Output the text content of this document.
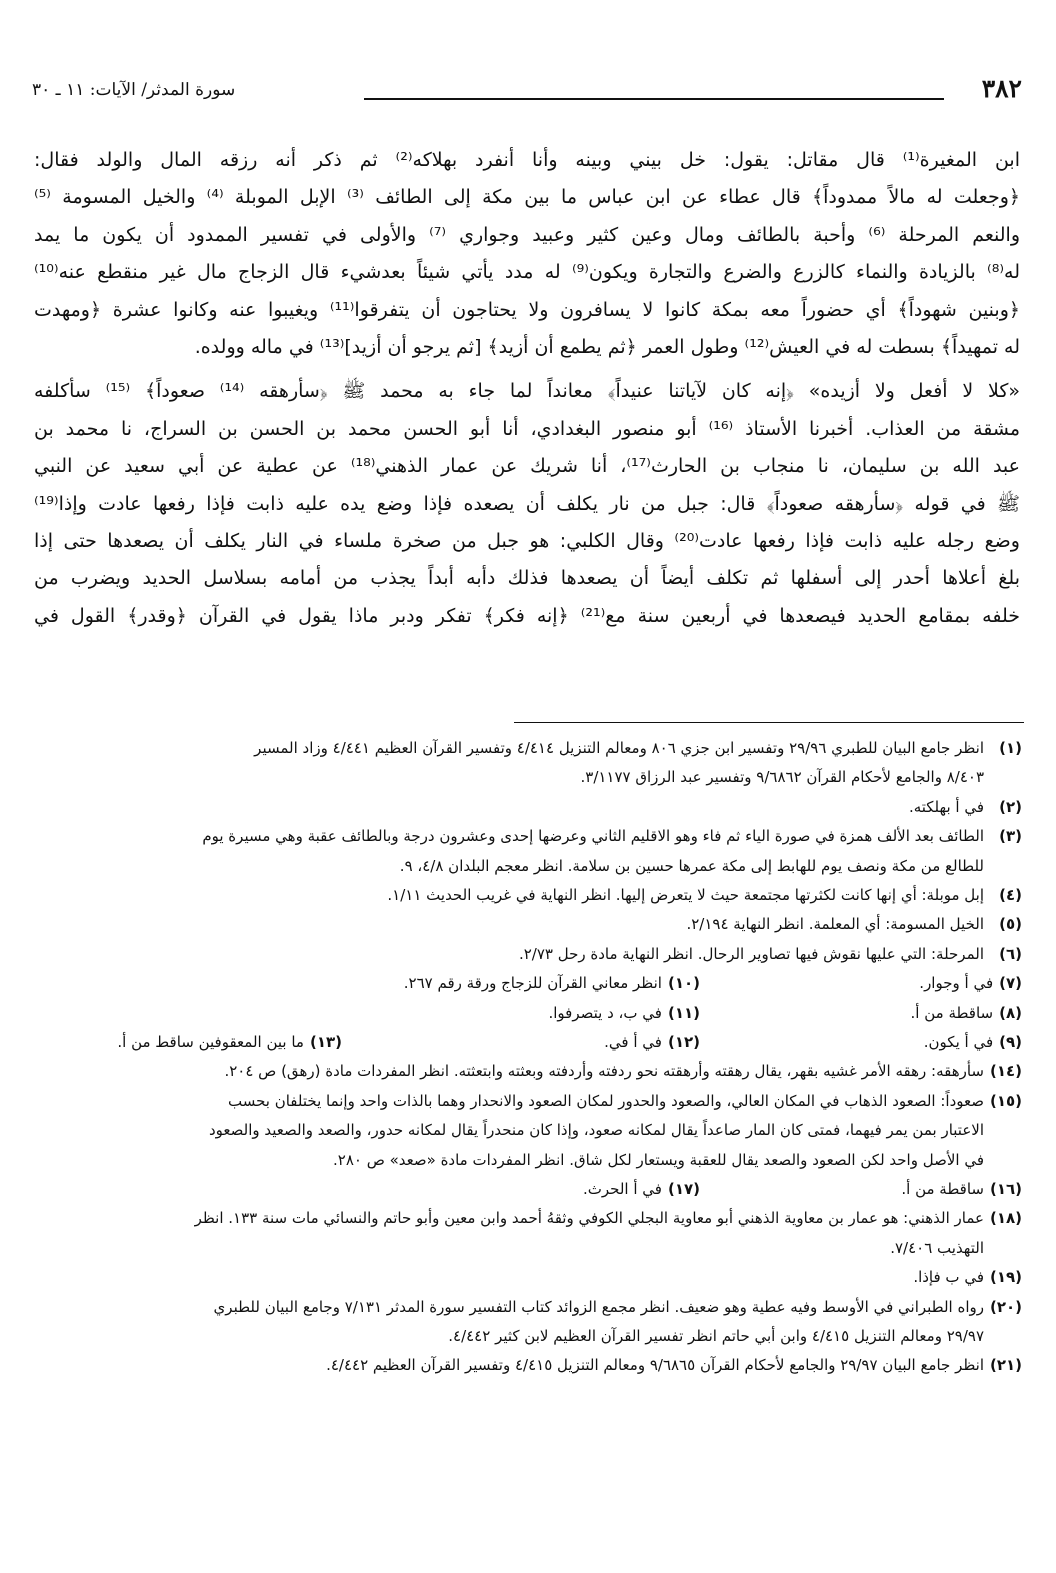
٣٨٢
سورة المدثر/ الآيات: ١١ ـ ٣٠
ابن المغيرة⁽¹⁾ قال مقاتل: يقول: خل بيني وبينه وأنا أنفرد بهلاكه⁽²⁾ ثم ذكر أنه رزقه المال والولد فقال:
﴿وجعلت له مالاً ممدوداً﴾ قال عطاء عن ابن عباس ما بين مكة إلى الطائف ⁽³⁾ الإبل الموبلة ⁽⁴⁾ والخيل المسومة ⁽⁵⁾
والنعم المرحلة ⁽⁶⁾ وأحبة بالطائف ومال وعين كثير وعبيد وجواري ⁽⁷⁾ والأولى في تفسير الممدود أن يكون ما يمد
له⁽⁸⁾ بالزيادة والنماء كالزرع والضرع والتجارة ويكون⁽⁹⁾ له مدد يأتي شيئاً بعدشيء قال الزجاج مال غير منقطع عنه⁽¹⁰⁾
﴿وبنين شهوداً﴾ أي حضوراً معه بمكة كانوا لا يسافرون ولا يحتاجون أن يتفرقوا⁽¹¹⁾ ويغيبوا عنه وكانوا عشرة ﴿ومهدت
له تمهيداً﴾ بسطت له في العيش⁽¹²⁾ وطول العمر ﴿ثم يطمع أن أزيد﴾ [ثم يرجو أن أزيد]⁽¹³⁾ في ماله وولده.
«كلا لا أفعل ولا أزيده» ﴿إنه كان لآياتنا عنيداً﴾ معانداً لما جاء به محمد ﷺ ﴿سأرهقه ⁽¹⁴⁾ صعوداً﴾ ⁽¹⁵⁾ سأكلفه
مشقة من العذاب. أخبرنا الأستاذ ⁽¹⁶⁾ أبو منصور البغدادي، أنا أبو الحسن محمد بن الحسن بن السراج، نا محمد بن
عبد الله بن سليمان، نا منجاب بن الحارث⁽¹⁷⁾، أنا شريك عن عمار الذهني⁽¹⁸⁾ عن عطية عن أبي سعيد عن النبي
ﷺ في قوله ﴿سأرهقه صعوداً﴾ قال: جبل من نار يكلف أن يصعده فإذا وضع يده عليه ذابت فإذا رفعها عادت وإذا⁽¹⁹⁾
وضع رجله عليه ذابت فإذا رفعها عادت⁽²⁰⁾ وقال الكلبي: هو جبل من صخرة ملساء في النار يكلف أن يصعدها حتى إذا
بلغ أعلاها أحدر إلى أسفلها ثم تكلف أيضاً أن يصعدها فذلك دأبه أبداً يجذب من أمامه بسلاسل الحديد ويضرب من
خلفه بمقامع الحديد فيصعدها في أربعين سنة مع⁽²¹⁾ ﴿إنه فكر﴾ تفكر ودبر ماذا يقول في القرآن ﴿وقدر﴾ القول في
(١)
انظر جامع البيان للطبري ٢٩/٩٦ وتفسير ابن جزي ٨٠٦ ومعالم التنزيل ٤/٤١٤ وتفسير القرآن العظيم ٤/٤٤١ وزاد المسير
٨/٤٠٣ والجامع لأحكام القرآن ٩/٦٨٦٢ وتفسير عبد الرزاق ٣/١١٧٧.
(٢)
في أ بهلكته.
(٣)
الطائف بعد الألف همزة في صورة الياء ثم فاء وهو الاقليم الثاني وعرضها إحدى وعشرون درجة وبالطائف عقبة وهي مسيرة يوم
للطالع من مكة ونصف يوم للهابط إلى مكة عمرها حسين بن سلامة. انظر معجم البلدان ٤/٨، ٩.
(٤)
إبل موبلة: أي إنها كانت لكثرتها مجتمعة حيث لا يتعرض إليها. انظر النهاية في غريب الحديث ١/١١.
(٥)
الخيل المسومة: أي المعلمة. انظر النهاية ٢/١٩٤.
(٦)
المرحلة: التي عليها نقوش فيها تصاوير الرحال. انظر النهاية مادة رحل ٢/٧٣.
(٧)في أ وجوار.
(١٠)انظر معاني القرآن للزجاج ورقة رقم ٢٦٧.
(٨)ساقطة من أ.
(١١)في ب، د يتصرفوا.
(٩)في أ يكون.
(١٢)في أ في.
(١٣)ما بين المعقوفين ساقط من أ.
(١٤)
سأرهقه: رهقه الأمر غشيه بقهر، يقال رهقته وأرهقته نحو ردفته وأردفته وبعثته وابتعثته. انظر المفردات مادة (رهق) ص ٢٠٤.
(١٥)
صعوداً: الصعود الذهاب في المكان العالي، والصعود والحدور لمكان الصعود والانحدار وهما بالذات واحد وإنما يختلفان بحسب
الاعتبار بمن يمر فيهما، فمتى كان المار صاعداً يقال لمكانه صعود، وإذا كان منحدراً يقال لمكانه حدور، والصعد والصعيد والصعود
في الأصل واحد لكن الصعود والصعد يقال للعقبة ويستعار لكل شاق. انظر المفردات مادة «صعد» ص ٢٨٠.
(١٦)ساقطة من أ.
(١٧)في أ الحرث.
(١٨)
عمار الذهني: هو عمار بن معاوية الذهني أبو معاوية البجلي الكوفي وثقهُ أحمد وابن معين وأبو حاتم والنسائي مات سنة ١٣٣. انظر
التهذيب ٧/٤٠٦.
(١٩)
في ب فإذا.
(٢٠)
رواه الطبراني في الأوسط وفيه عطية وهو ضعيف. انظر مجمع الزوائد كتاب التفسير سورة المدثر ٧/١٣١ وجامع البيان للطبري
٢٩/٩٧ ومعالم التنزيل ٤/٤١٥ وابن أبي حاتم انظر تفسير القرآن العظيم لابن كثير ٤/٤٤٢.
(٢١)
انظر جامع البيان ٢٩/٩٧ والجامع لأحكام القرآن ٩/٦٨٦٥ ومعالم التنزيل ٤/٤١٥ وتفسير القرآن العظيم ٤/٤٤٢.
